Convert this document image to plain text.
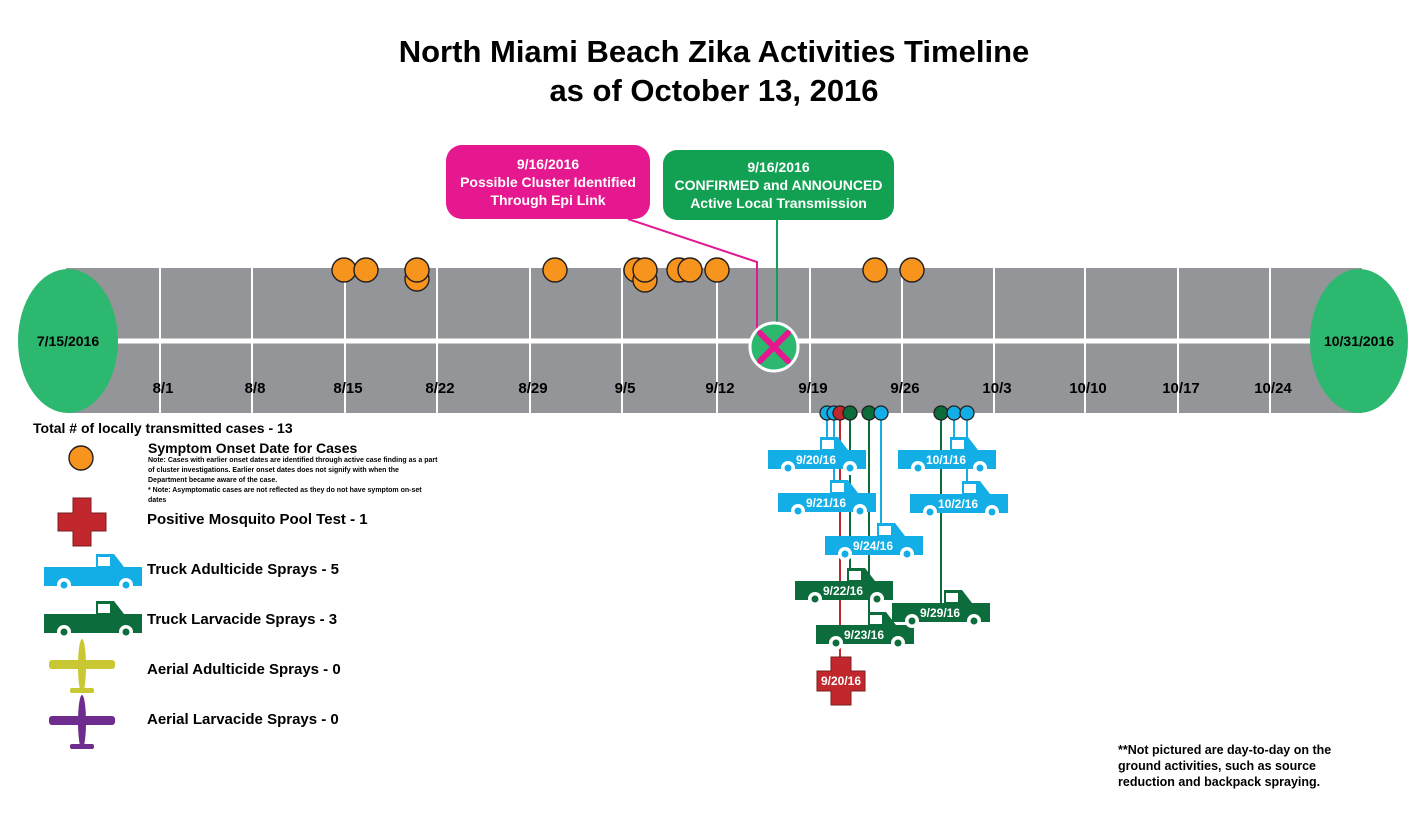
North Miami Beach Zika Activities Timeline
as of October 13, 2016
8/1	8/8	8/15	8/22	8/29	9/5	9/12	9/19	9/26	10/3	10/10	10/17	10/24
7/15/2016	10/31/2016
9/20/16
9/21/16
9/24/16
10/1/16
10/2/16
9/22/16
9/23/16
9/29/16
9/20/16
9/16/2016
Possible Cluster Identified
Through Epi Link
9/16/2016
CONFIRMED and ANNOUNCED
Active Local Transmission
Total # of locally transmitted cases - 13
Symptom Onset Date for Cases
Note: Cases with earlier onset dates are identified through active case finding as a part of cluster investigations. Earlier onset dates does not signify with when the Department became aware of the case.
* Note: Asymptomatic cases are not reflected as they do not have symptom on-set dates
Positive Mosquito Pool Test - 1
Truck Adulticide Sprays - 5
Truck Larvacide Sprays - 3
Aerial Adulticide Sprays - 0
Aerial Larvacide Sprays - 0
**Not pictured are day-to-day on the ground activities, such as source reduction and backpack spraying.
